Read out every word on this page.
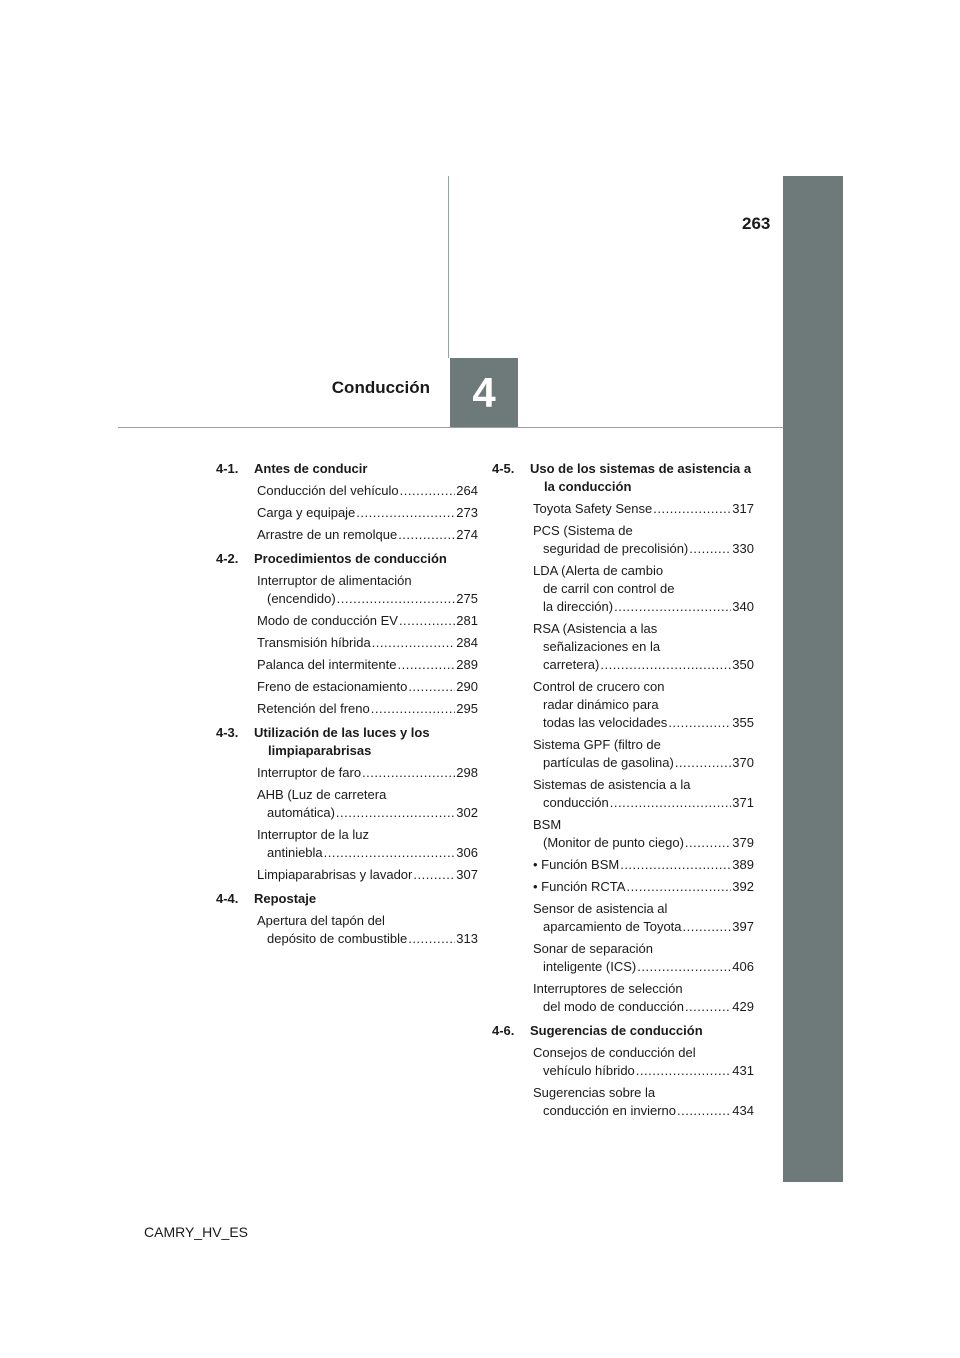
263
Conducción 4
4-1.	Antes de conducir
Conducción del vehículo .....	264
Carga y equipaje .....	273
Arrastre de un remolque .....	274
4-2.	Procedimientos de conducción
Interruptor de alimentación
(encendido) .....	275
Modo de conducción EV .....	281
Transmisión híbrida .....	284
Palanca del intermitente .....	289
Freno de estacionamiento .....	290
Retención del freno .....	295
4-3.	Utilización de las luces y los limpiaparabrisas
Interruptor de faro .....	298
AHB (Luz de carretera
automática) .....	302
Interruptor de la luz
antiniebla .....	306
Limpiaparabrisas y lavador .....	307
4-4.	Repostaje
Apertura del tapón del
depósito de combustible .....	313
4-5.	Uso de los sistemas de asistencia a la conducción
Toyota Safety Sense .....	317
PCS (Sistema de
seguridad de precolisión) .....	330
LDA (Alerta de cambio
de carril con control de
la dirección) .....	340
RSA (Asistencia a las
señalizaciones en la
carretera) .....	350
Control de crucero con
radar dinámico para
todas las velocidades .....	355
Sistema GPF (filtro de
partículas de gasolina) .....	370
Sistemas de asistencia a la
conducción .....	371
BSM
(Monitor de punto ciego) .....	379
• Función BSM .....	389
• Función RCTA .....	392
Sensor de asistencia al
aparcamiento de Toyota .....	397
Sonar de separación
inteligente (ICS) .....	406
Interruptores de selección
del modo de conducción .....	429
4-6.	Sugerencias de conducción
Consejos de conducción del
vehículo híbrido .....	431
Sugerencias sobre la
conducción en invierno .....	434
CAMRY_HV_ES
